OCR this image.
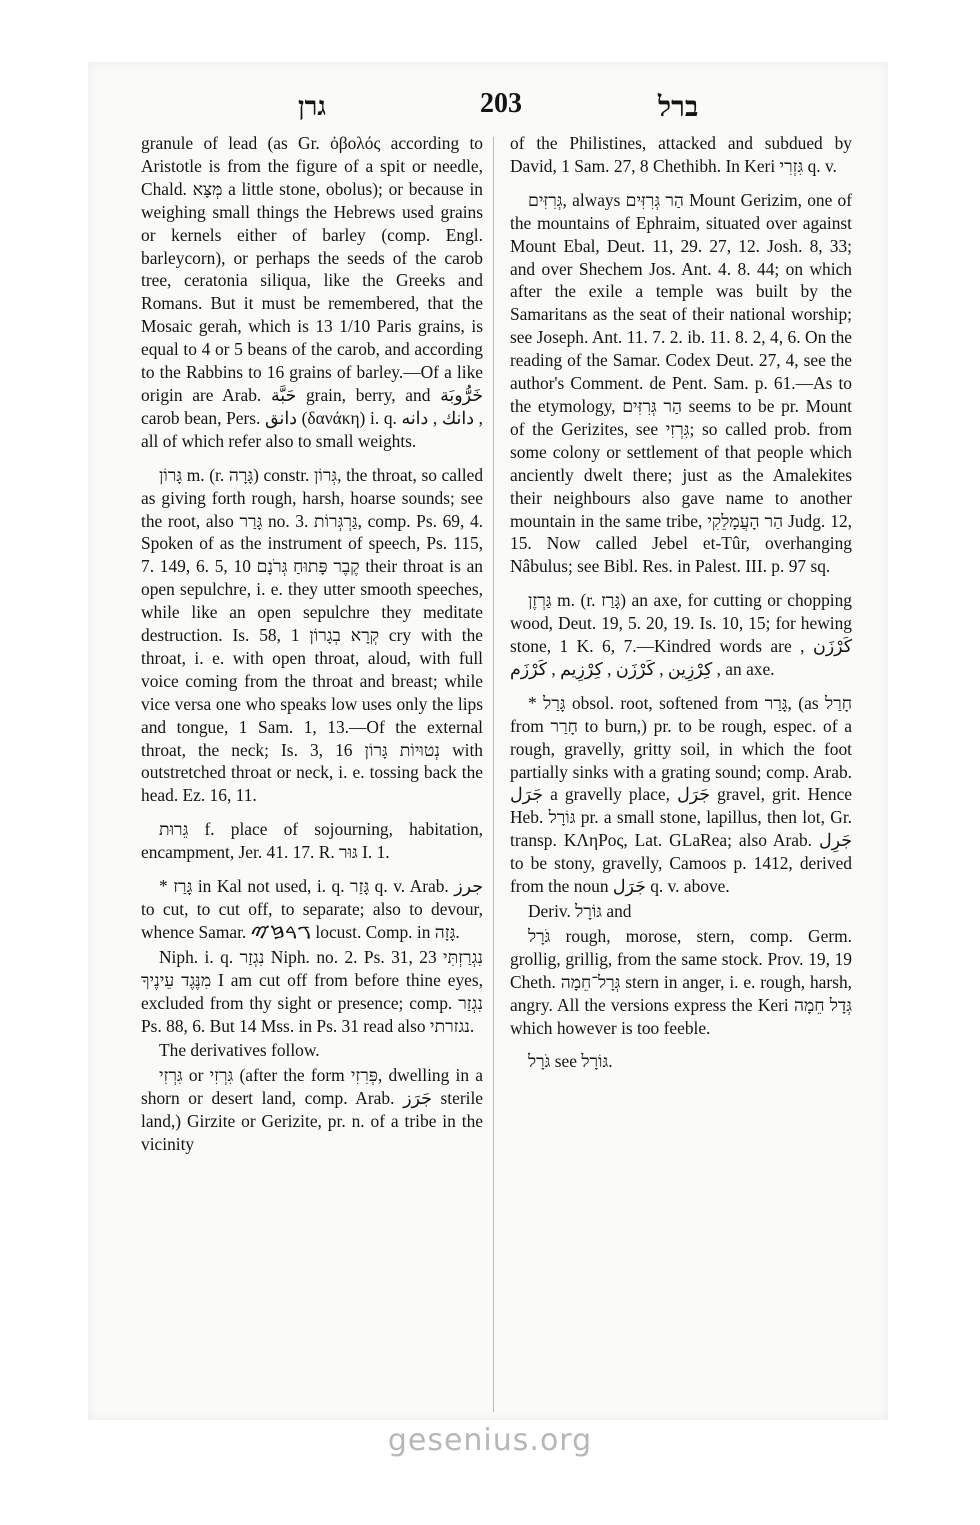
גרן	203	ברל

granule of lead (as Gr. ὀβολός according to Aristotle is from the figure of a spit or needle, Chald. מְּצָּא a little stone, obolus); or because in weighing small things the Hebrews used grains or kernels either of barley (comp. Engl. barleycorn), or perhaps the seeds of the carob tree, ceratonia siliqua, like the Greeks and Romans. But it must be remembered, that the Mosaic gerah, which is 13 1/10 Paris grains, is equal to 4 or 5 beans of the carob, and according to the Rabbins to 16 grains of barley.—Of a like origin are Arab. حَبَّة grain, berry, and خَرُّوبَة carob bean, Pers. دانق (δανάκη) i. q. دانك , دانه , all of which refer also to small weights.

גָּרוֹן m. (r. גָּרָה) constr. גְּרוֹן, the throat, so called as giving forth rough, harsh, hoarse sounds; see the root, also גָּרַר no. 3. גַּרְגְּרוֹת, comp. Ps. 69, 4. Spoken of as the instrument of speech, Ps. 115, 7. 149, 6. 5, 10 קֶבֶר פָּתוּחַ גְּרֹנָם their throat is an open sepulchre, i. e. they utter smooth speeches, while like an open sepulchre they meditate destruction. Is. 58, 1 קְרָא בְגָרוֹן cry with the throat, i. e. with open throat, aloud, with full voice coming from the throat and breast; while vice versa one who speaks low uses only the lips and tongue, 1 Sam. 1, 13.—Of the external throat, the neck; Is. 3, 16 נְטוּיוֹת גָּרוֹן with outstretched throat or neck, i. e. tossing back the head. Ez. 16, 11.

גֵּרוּת f. place of sojourning, habitation, encampment, Jer. 41. 17. R. גּוּר I. 1.

* גָּרַז in Kal not used, i. q. גָּזַר q. v. Arab. جرز to cut, to cut off, to separate; also to devour, whence Samar. ࠂࠓࠆࠉ locust. Comp. in גָּזָה.

Niph. i. q. נִגְזַר Niph. no. 2. Ps. 31, 23 נִגְרַזְתִּי מִנֶּגֶד עֵינֶיךָ I am cut off from before thine eyes, excluded from thy sight or presence; comp. נִגְזַר Ps. 88, 6. But 14 Mss. in Ps. 31 read also נגזרתי.

The derivatives follow.

גִּרְזִי or גִּרְזִי (after the form פְּרִזִי, dwelling in a shorn or desert land, comp. Arab. جَرَز sterile land,) Girzite or Gerizite, pr. n. of a tribe in the vicinity

of the Philistines, attacked and subdued by David, 1 Sam. 27, 8 Chethibh. In Keri גִּזְרִי q. v.

גְּרִזִּים, always הַר גְּרִזִּים Mount Gerizim, one of the mountains of Ephraim, situated over against Mount Ebal, Deut. 11, 29. 27, 12. Josh. 8, 33; and over Shechem Jos. Ant. 4. 8. 44; on which after the exile a temple was built by the Samaritans as the seat of their national worship; see Joseph. Ant. 11. 7. 2. ib. 11. 8. 2, 4, 6. On the reading of the Samar. Codex Deut. 27, 4, see the author's Comment. de Pent. Sam. p. 61.—As to the etymology, הַר גְּרִזִּים seems to be pr. Mount of the Gerizites, see גִּרְזִי; so called prob. from some colony or settlement of that people which anciently dwelt there; just as the Amalekites their neighbours also gave name to another mountain in the same tribe, הַר הָעֲמָלֵקִי Judg. 12, 15. Now called Jebel et-Tûr, overhanging Nâbulus; see Bibl. Res. in Palest. III. p. 97 sq.

גַּרְזֶן m. (r. גָּרַז) an axe, for cutting or chopping wood, Deut. 19, 5. 20, 19. Is. 10, 15; for hewing stone, 1 K. 6, 7.—Kindred words are كَرْزَن , كِرْزِين , كَرْزَن , كِرْزِيم , كَرْزَم , an axe.

* גָּרַל obsol. root, softened from גָּרַר, (as חָרַל from חָרַר to burn,) pr. to be rough, espec. of a rough, gravelly, gritty soil, in which the foot partially sinks with a grating sound; comp. Arab. جَرَل a gravelly place, جَرَل gravel, grit. Hence Heb. גּוֹרָל pr. a small stone, lapillus, then lot, Gr. transp. ΚΛηΡος, Lat. GLaRea; also Arab. جَرِل to be stony, gravelly, Camoos p. 1412, derived from the noun جَرَل q. v. above.

Deriv. גּוֹרָל and

גֹּרָל rough, morose, stern, comp. Germ. grollig, grillig, from the same stock. Prov. 19, 19 Cheth. גְּרָל־חֵמָה stern in anger, i. e. rough, harsh, angry. All the versions express the Keri גְּדָל חֵמָה which however is too feeble.

גֹּרָל see גּוֹרָל.

gesenius.org
